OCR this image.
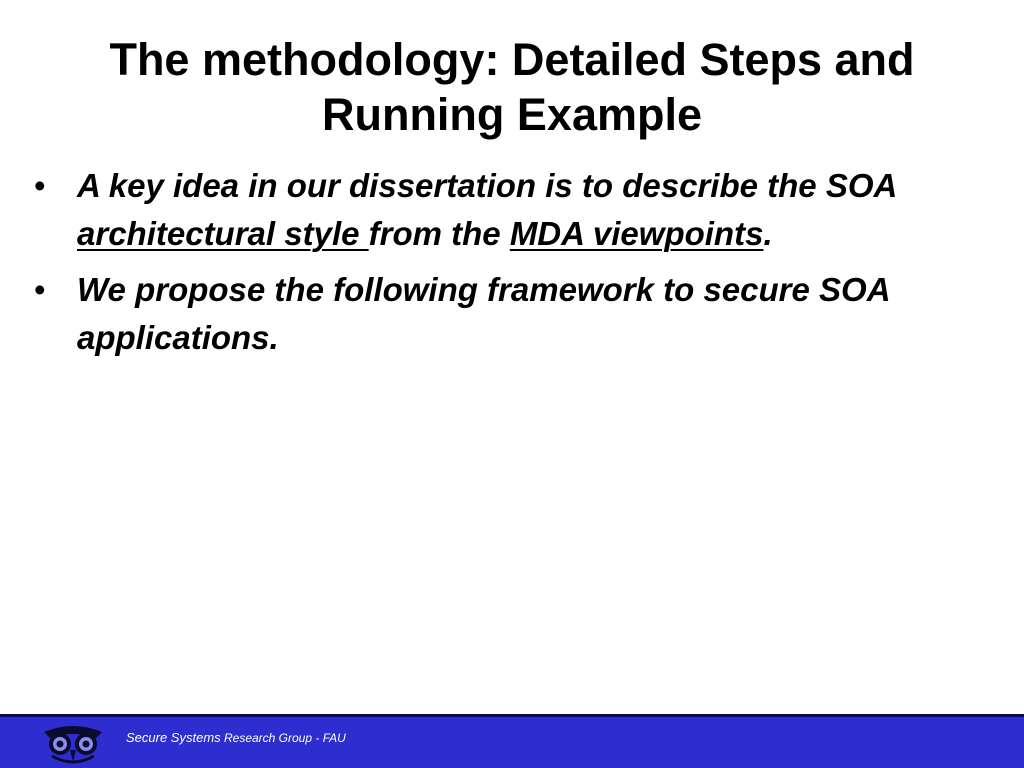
The methodology: Detailed Steps and Running Example
• A key idea in our dissertation is to describe the SOA architectural style from the MDA viewpoints.
• We propose the following framework to secure SOA applications.
Secure Systems Research Group - FAU
